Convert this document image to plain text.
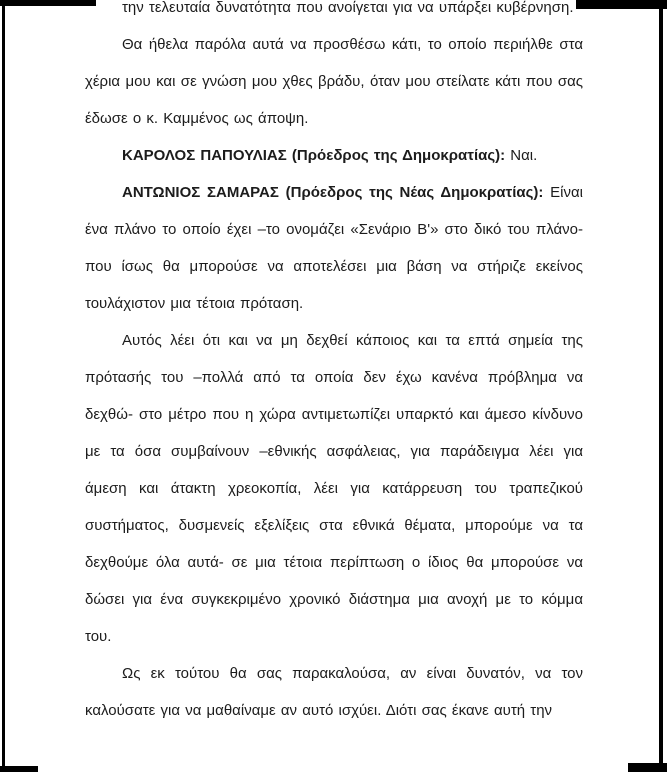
την τελευταία δυνατότητα που ανοίγεται για να υπάρξει κυβέρνηση.

Θα ήθελα παρόλα αυτά να προσθέσω κάτι, το οποίο περιήλθε στα χέρια μου και σε γνώση μου χθες βράδυ, όταν μου στείλατε κάτι που σας έδωσε ο κ. Καμμένος ως άποψη.

ΚΑΡΟΛΟΣ ΠΑΠΟΥΛΙΑΣ (Πρόεδρος της Δημοκρατίας): Ναι.

ΑΝΤΩΝΙΟΣ ΣΑΜΑΡΑΣ (Πρόεδρος της Νέας Δημοκρατίας): Είναι ένα πλάνο το οποίο έχει –το ονομάζει «Σενάριο Β'» στο δικό του πλάνο- που ίσως θα μπορούσε να αποτελέσει μια βάση να στήριζε εκείνος τουλάχιστον μια τέτοια πρόταση.

Αυτός λέει ότι και να μη δεχθεί κάποιος και τα επτά σημεία της πρότασής του –πολλά από τα οποία δεν έχω κανένα πρόβλημα να δεχθώ- στο μέτρο που η χώρα αντιμετωπίζει υπαρκτό και άμεσο κίνδυνο με τα όσα συμβαίνουν –εθνικής ασφάλειας, για παράδειγμα λέει για άμεση και άτακτη χρεοκοπία, λέει για κατάρρευση του τραπεζικού συστήματος, δυσμενείς εξελίξεις στα εθνικά θέματα, μπορούμε να τα δεχθούμε όλα αυτά- σε μια τέτοια περίπτωση ο ίδιος θα μπορούσε να δώσει για ένα συγκεκριμένο χρονικό διάστημα μια ανοχή με το κόμμα του.

Ως εκ τούτου θα σας παρακαλούσα, αν είναι δυνατόν, να τον καλούσατε για να μαθαίναμε αν αυτό ισχύει. Διότι σας έκανε αυτή την
